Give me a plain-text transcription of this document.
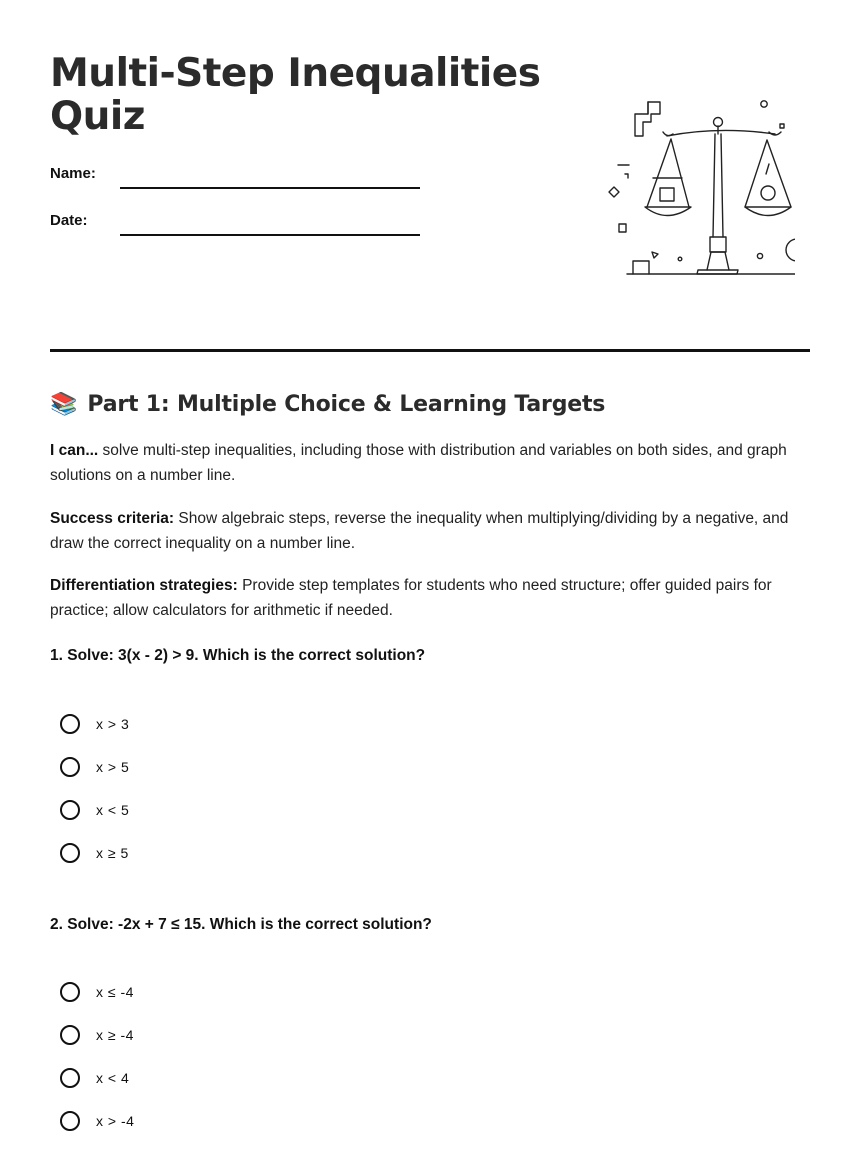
Multi-Step Inequalities Quiz
Name:
Date:
📚 Part 1: Multiple Choice & Learning Targets

I can... solve multi-step inequalities, including those with distribution and variables on both sides, and graph solutions on a number line.

Success criteria: Show algebraic steps, reverse the inequality when multiplying/dividing by a negative, and draw the correct inequality on a number line.

Differentiation strategies: Provide step templates for students who need structure; offer guided pairs for practice; allow calculators for arithmetic if needed.

1. Solve: 3(x - 2) > 9. Which is the correct solution?

x > 3
x > 5
x < 5
x ≥ 5

2. Solve: -2x + 7 ≤ 15. Which is the correct solution?

x ≤ -4
x ≥ -4
x < 4
x > -4
